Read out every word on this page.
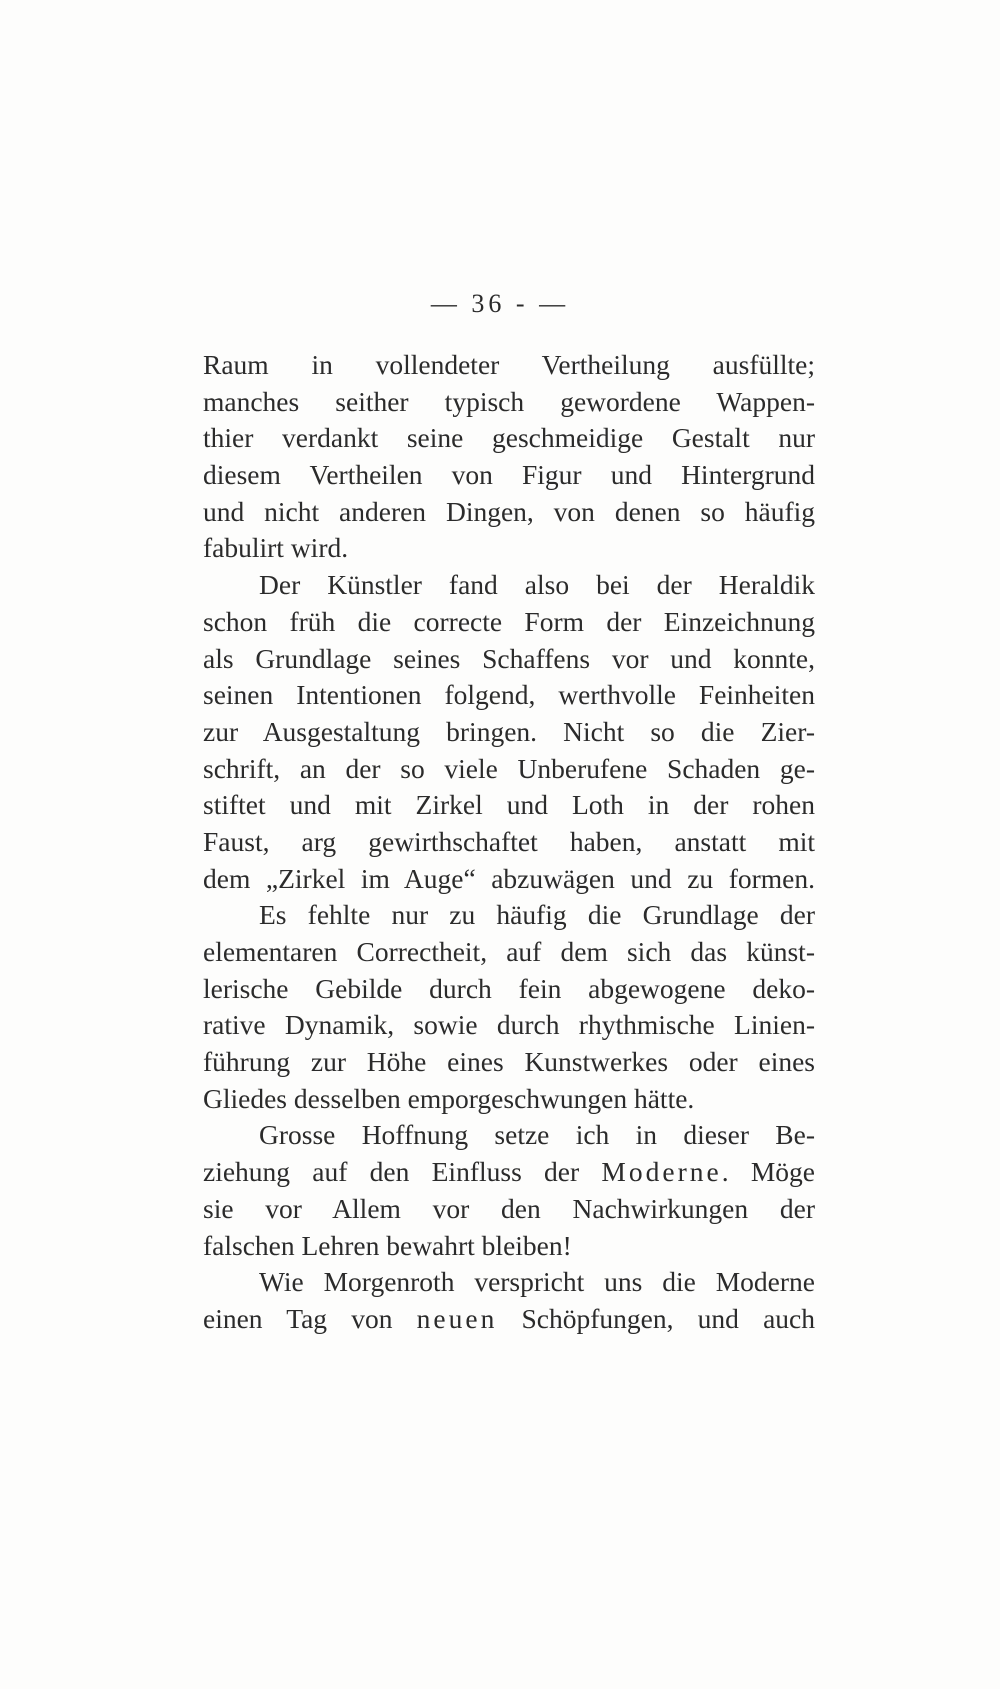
— 36 - —
Raum in vollendeter Vertheilung ausfüllte;
manches seither typisch gewordene Wappen-
thier verdankt seine geschmeidige Gestalt nur
diesem Vertheilen von Figur und Hintergrund
und nicht anderen Dingen, von denen so häufig
fabulirt wird.
Der Künstler fand also bei der Heraldik
schon früh die correcte Form der Einzeichnung
als Grundlage seines Schaffens vor und konnte,
seinen Intentionen folgend, werthvolle Feinheiten
zur Ausgestaltung bringen. Nicht so die Zier-
schrift, an der so viele Unberufene Schaden ge-
stiftet und mit Zirkel und Loth in der rohen
Faust, arg gewirthschaftet haben, anstatt mit
dem „Zirkel im Auge“ abzuwägen und zu formen.
Es fehlte nur zu häufig die Grundlage der
elementaren Correctheit, auf dem sich das künst-
lerische Gebilde durch fein abgewogene deko-
rative Dynamik, sowie durch rhythmische Linien-
führung zur Höhe eines Kunstwerkes oder eines
Gliedes desselben emporgeschwungen hätte.
Grosse Hoffnung setze ich in dieser Be-
ziehung auf den Einfluss der Moderne. Möge
sie vor Allem vor den Nachwirkungen der
falschen Lehren bewahrt bleiben!
Wie Morgenroth verspricht uns die Moderne
einen Tag von neuen Schöpfungen, und auch
